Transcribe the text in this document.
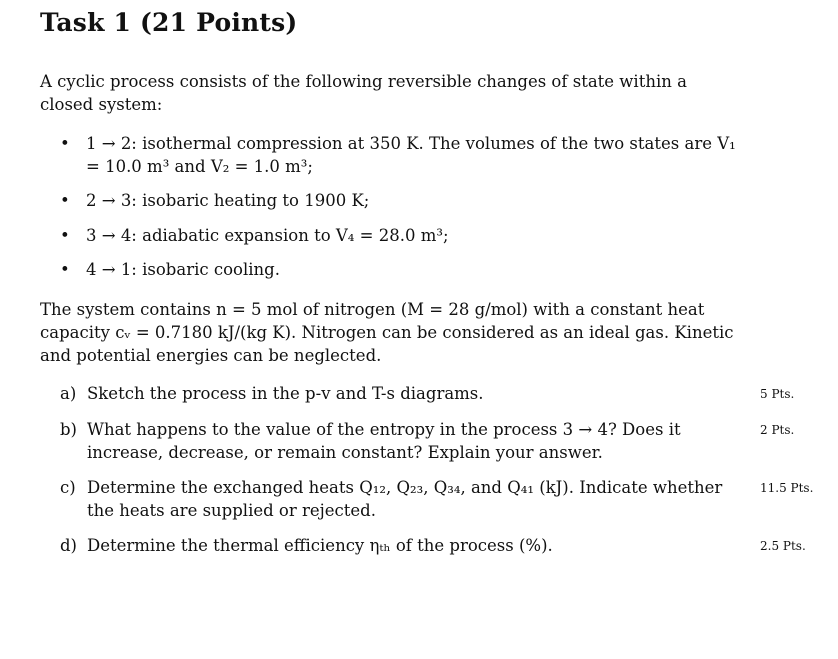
Task 1 (21 Points)
A cyclic process consists of the following reversible changes of state within a closed system:
• 1 → 2: isothermal compression at 350 K. The volumes of the two states are V₁ = 10.0 m³ and V₂ = 1.0 m³;
• 2 → 3: isobaric heating to 1900 K;
• 3 → 4: adiabatic expansion to V₄ = 28.0 m³;
• 4 → 1: isobaric cooling.
The system contains n = 5 mol of nitrogen (M = 28 g/mol) with a constant heat capacity cᵥ = 0.7180 kJ/(kg K). Nitrogen can be considered as an ideal gas. Kinetic and potential energies can be neglected.
a) Sketch the process in the p-v and T-s diagrams.	5 Pts.
b) What happens to the value of the entropy in the process 3 → 4? Does it increase, decrease, or remain constant? Explain your answer.
2 Pts.
c) Determine the exchanged heats Q₁₂, Q₂₃, Q₃₄, and Q₄₁ (kJ). Indicate whether the heats are supplied or rejected.
11.5 Pts.
d) Determine the thermal efficiency ηₜₕ of the process (%).	2.5 Pts.
